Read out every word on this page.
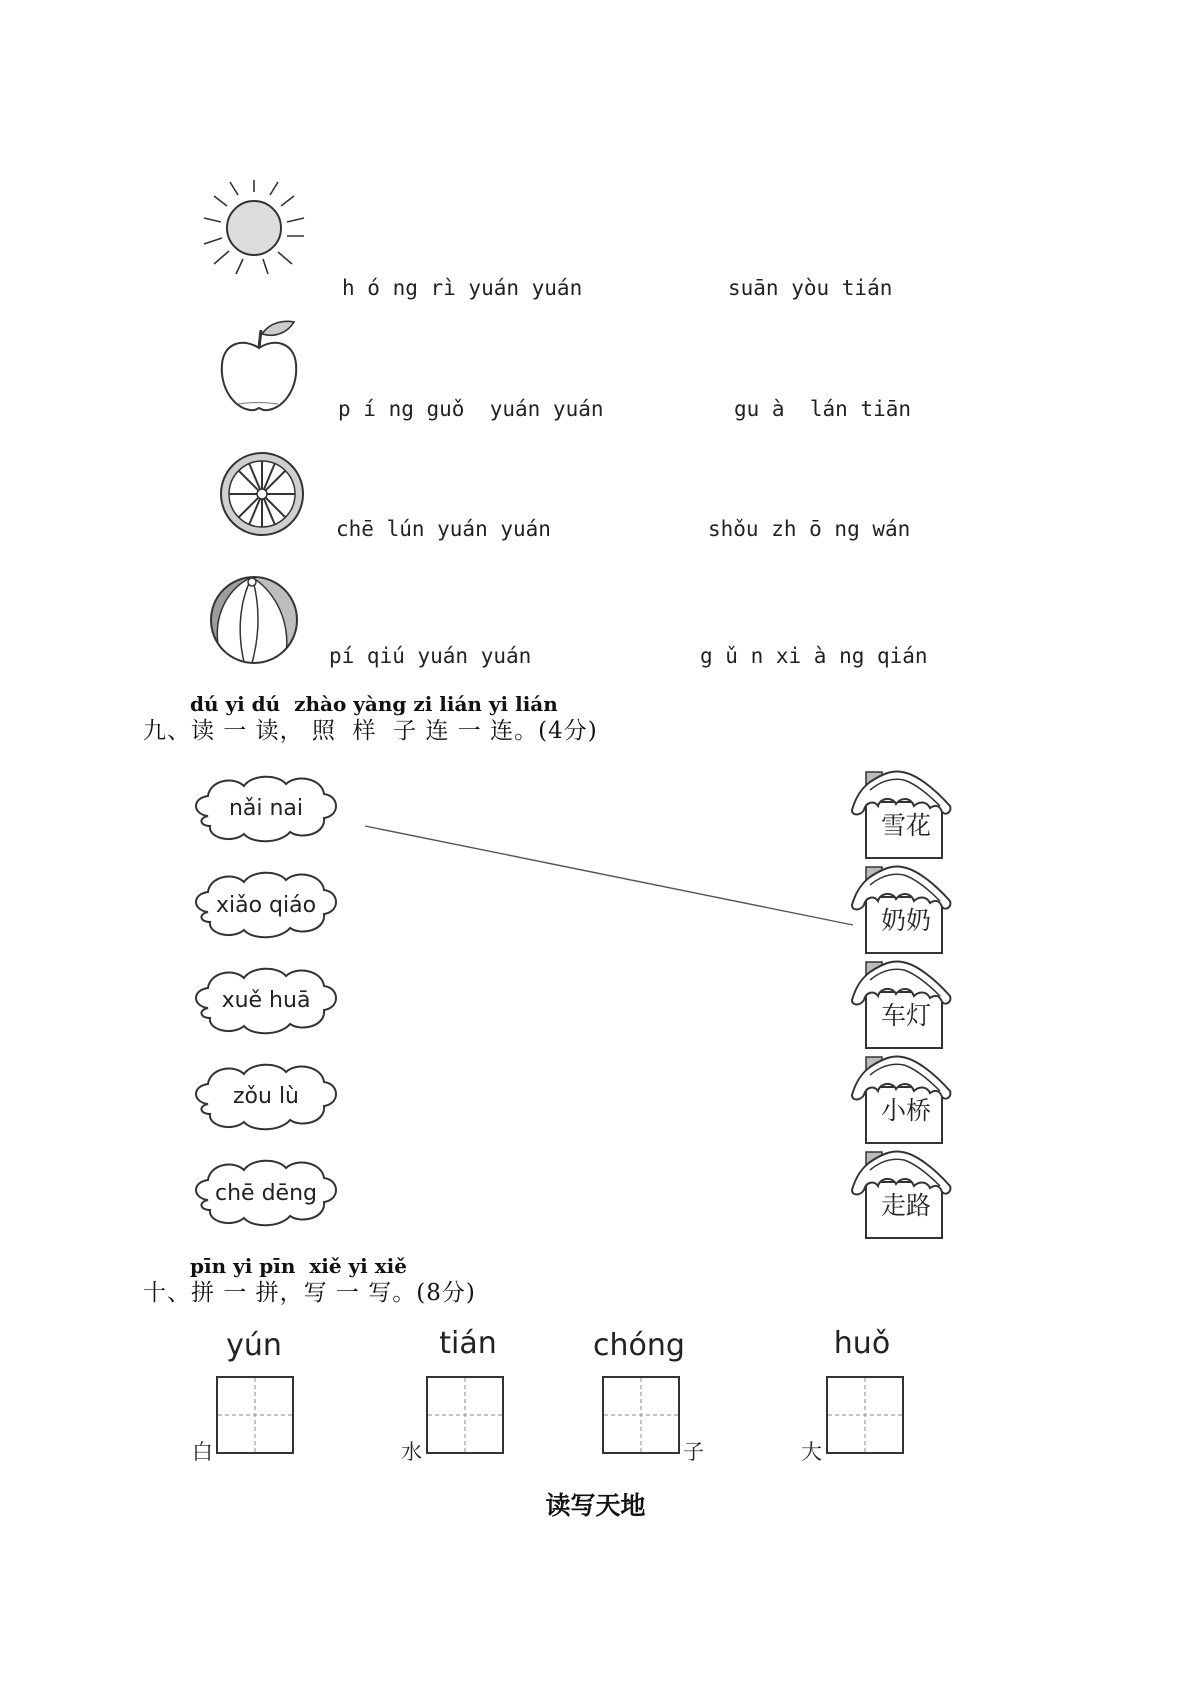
h ó ng rì yuán yuán	suān yòu tián
p í ng guǒ  yuán yuán	gu à  lán tiān
chē lún yuán yuán	shǒu zh ō ng wán
pí qiú yuán yuán	g ǔ n xi à ng qián
dú yi dú  zhào yàng zi lián yi lián
九、读 一 读， 照  样  子 连 一 连。(4分)
nǎi nai
xiǎo qiáo
xuě huā
zǒu lù
chē dēng
雪花
奶奶
车灯
小桥
走路
pīn yi pīn  xiě yi xiě
十、拼 一 拼，写 一 写。(8分)
yún
白
tián
水
chóng
子
huǒ
大
读写天地
